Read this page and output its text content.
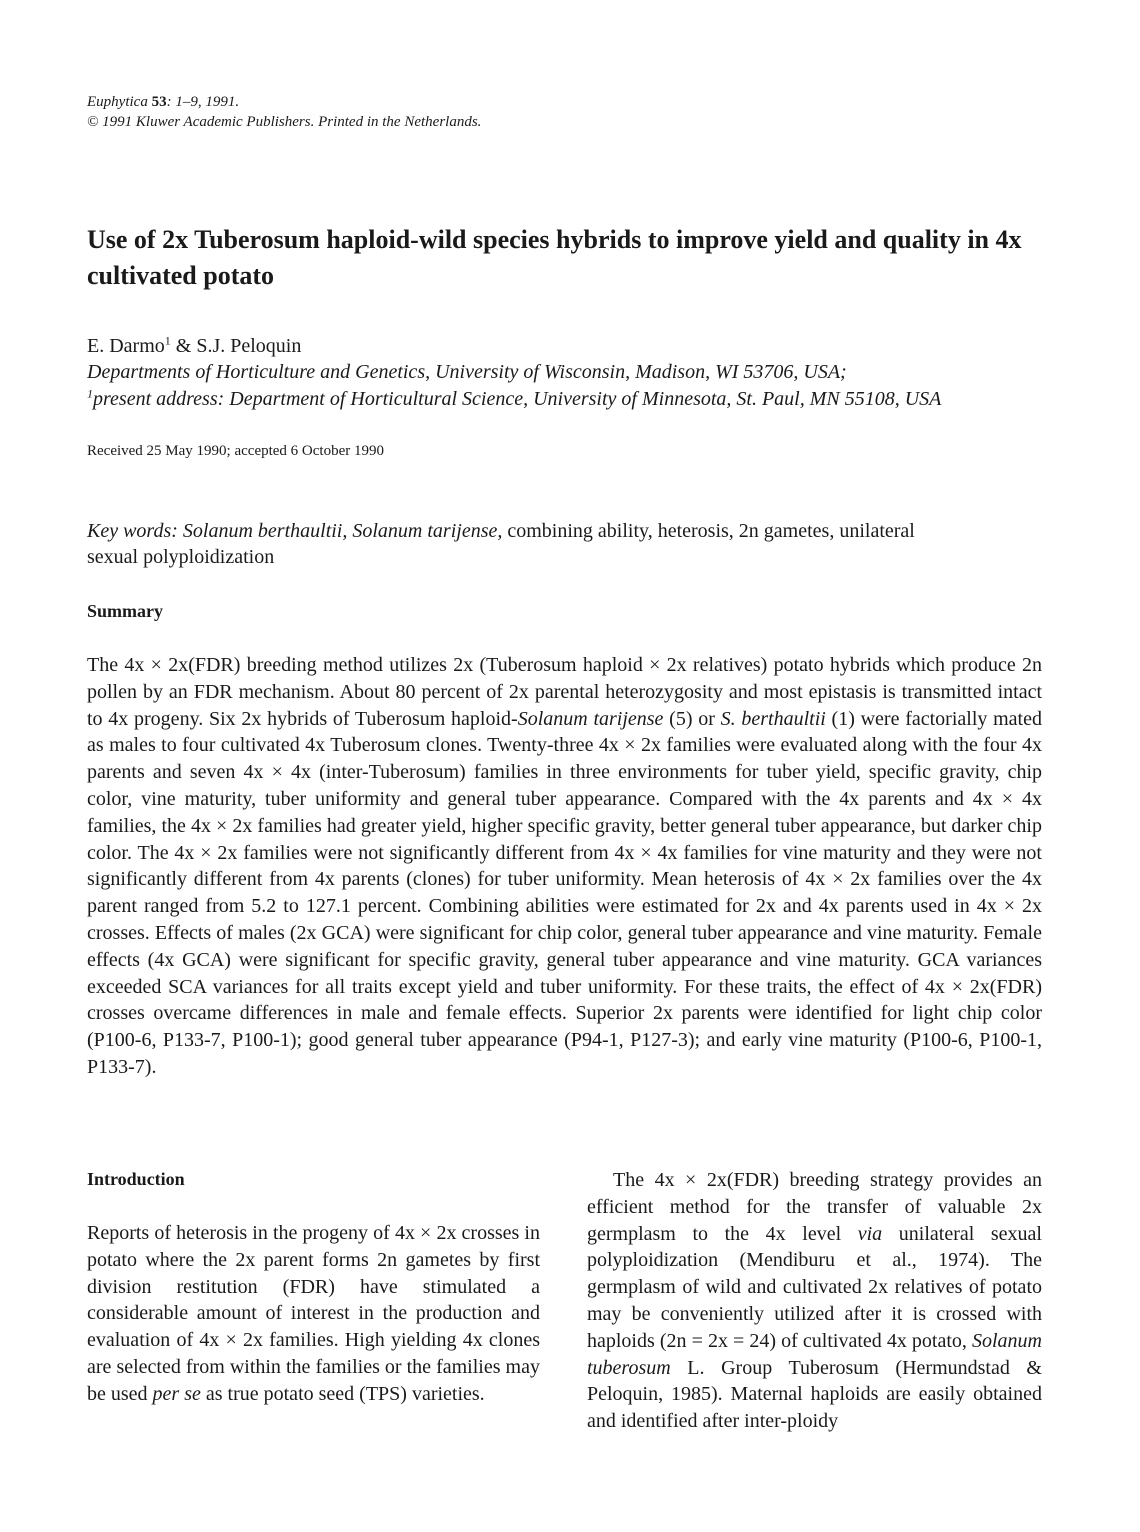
Euphytica 53: 1–9, 1991.
© 1991 Kluwer Academic Publishers. Printed in the Netherlands.
Use of 2x Tuberosum haploid-wild species hybrids to improve yield and quality in 4x cultivated potato
E. Darmo$^1$ & S.J. Peloquin
Departments of Horticulture and Genetics, University of Wisconsin, Madison, WI 53706, USA;
$^1$present address: Department of Horticultural Science, University of Minnesota, St. Paul, MN 55108, USA
Received 25 May 1990; accepted 6 October 1990
Key words: Solanum berthaultii, Solanum tarijense, combining ability, heterosis, 2n gametes, unilateral sexual polyploidization
Summary
The 4x × 2x(FDR) breeding method utilizes 2x (Tuberosum haploid × 2x relatives) potato hybrids which produce 2n pollen by an FDR mechanism. About 80 percent of 2x parental heterozygosity and most epistasis is transmitted intact to 4x progeny. Six 2x hybrids of Tuberosum haploid-Solanum tarijense (5) or S. berthaultii (1) were factorially mated as males to four cultivated 4x Tuberosum clones. Twenty-three 4x × 2x families were evaluated along with the four 4x parents and seven 4x × 4x (inter-Tuberosum) families in three environments for tuber yield, specific gravity, chip color, vine maturity, tuber uniformity and general tuber appearance. Compared with the 4x parents and 4x × 4x families, the 4x × 2x families had greater yield, higher specific gravity, better general tuber appearance, but darker chip color. The 4x × 2x families were not significantly different from 4x × 4x families for vine maturity and they were not significantly different from 4x parents (clones) for tuber uniformity. Mean heterosis of 4x × 2x families over the 4x parent ranged from 5.2 to 127.1 percent. Combining abilities were estimated for 2x and 4x parents used in 4x × 2x crosses. Effects of males (2x GCA) were significant for chip color, general tuber appearance and vine maturity. Female effects (4x GCA) were significant for specific gravity, general tuber appearance and vine maturity. GCA variances exceeded SCA variances for all traits except yield and tuber uniformity. For these traits, the effect of 4x × 2x(FDR) crosses overcame differences in male and female effects. Superior 2x parents were identified for light chip color (P100-6, P133-7, P100-1); good general tuber appearance (P94-1, P127-3); and early vine maturity (P100-6, P100-1, P133-7).
Introduction
Reports of heterosis in the progeny of 4x × 2x crosses in potato where the 2x parent forms 2n gametes by first division restitution (FDR) have stimulated a considerable amount of interest in the production and evaluation of 4x × 2x families. High yielding 4x clones are selected from within the families or the families may be used per se as true potato seed (TPS) varieties.
The 4x × 2x(FDR) breeding strategy provides an efficient method for the transfer of valuable 2x germplasm to the 4x level via unilateral sexual polyploidization (Mendiburu et al., 1974). The germplasm of wild and cultivated 2x relatives of potato may be conveniently utilized after it is crossed with haploids (2n = 2x = 24) of cultivated 4x potato, Solanum tuberosum L. Group Tuberosum (Hermundstad & Peloquin, 1985). Maternal haploids are easily obtained and identified after inter-ploidy
